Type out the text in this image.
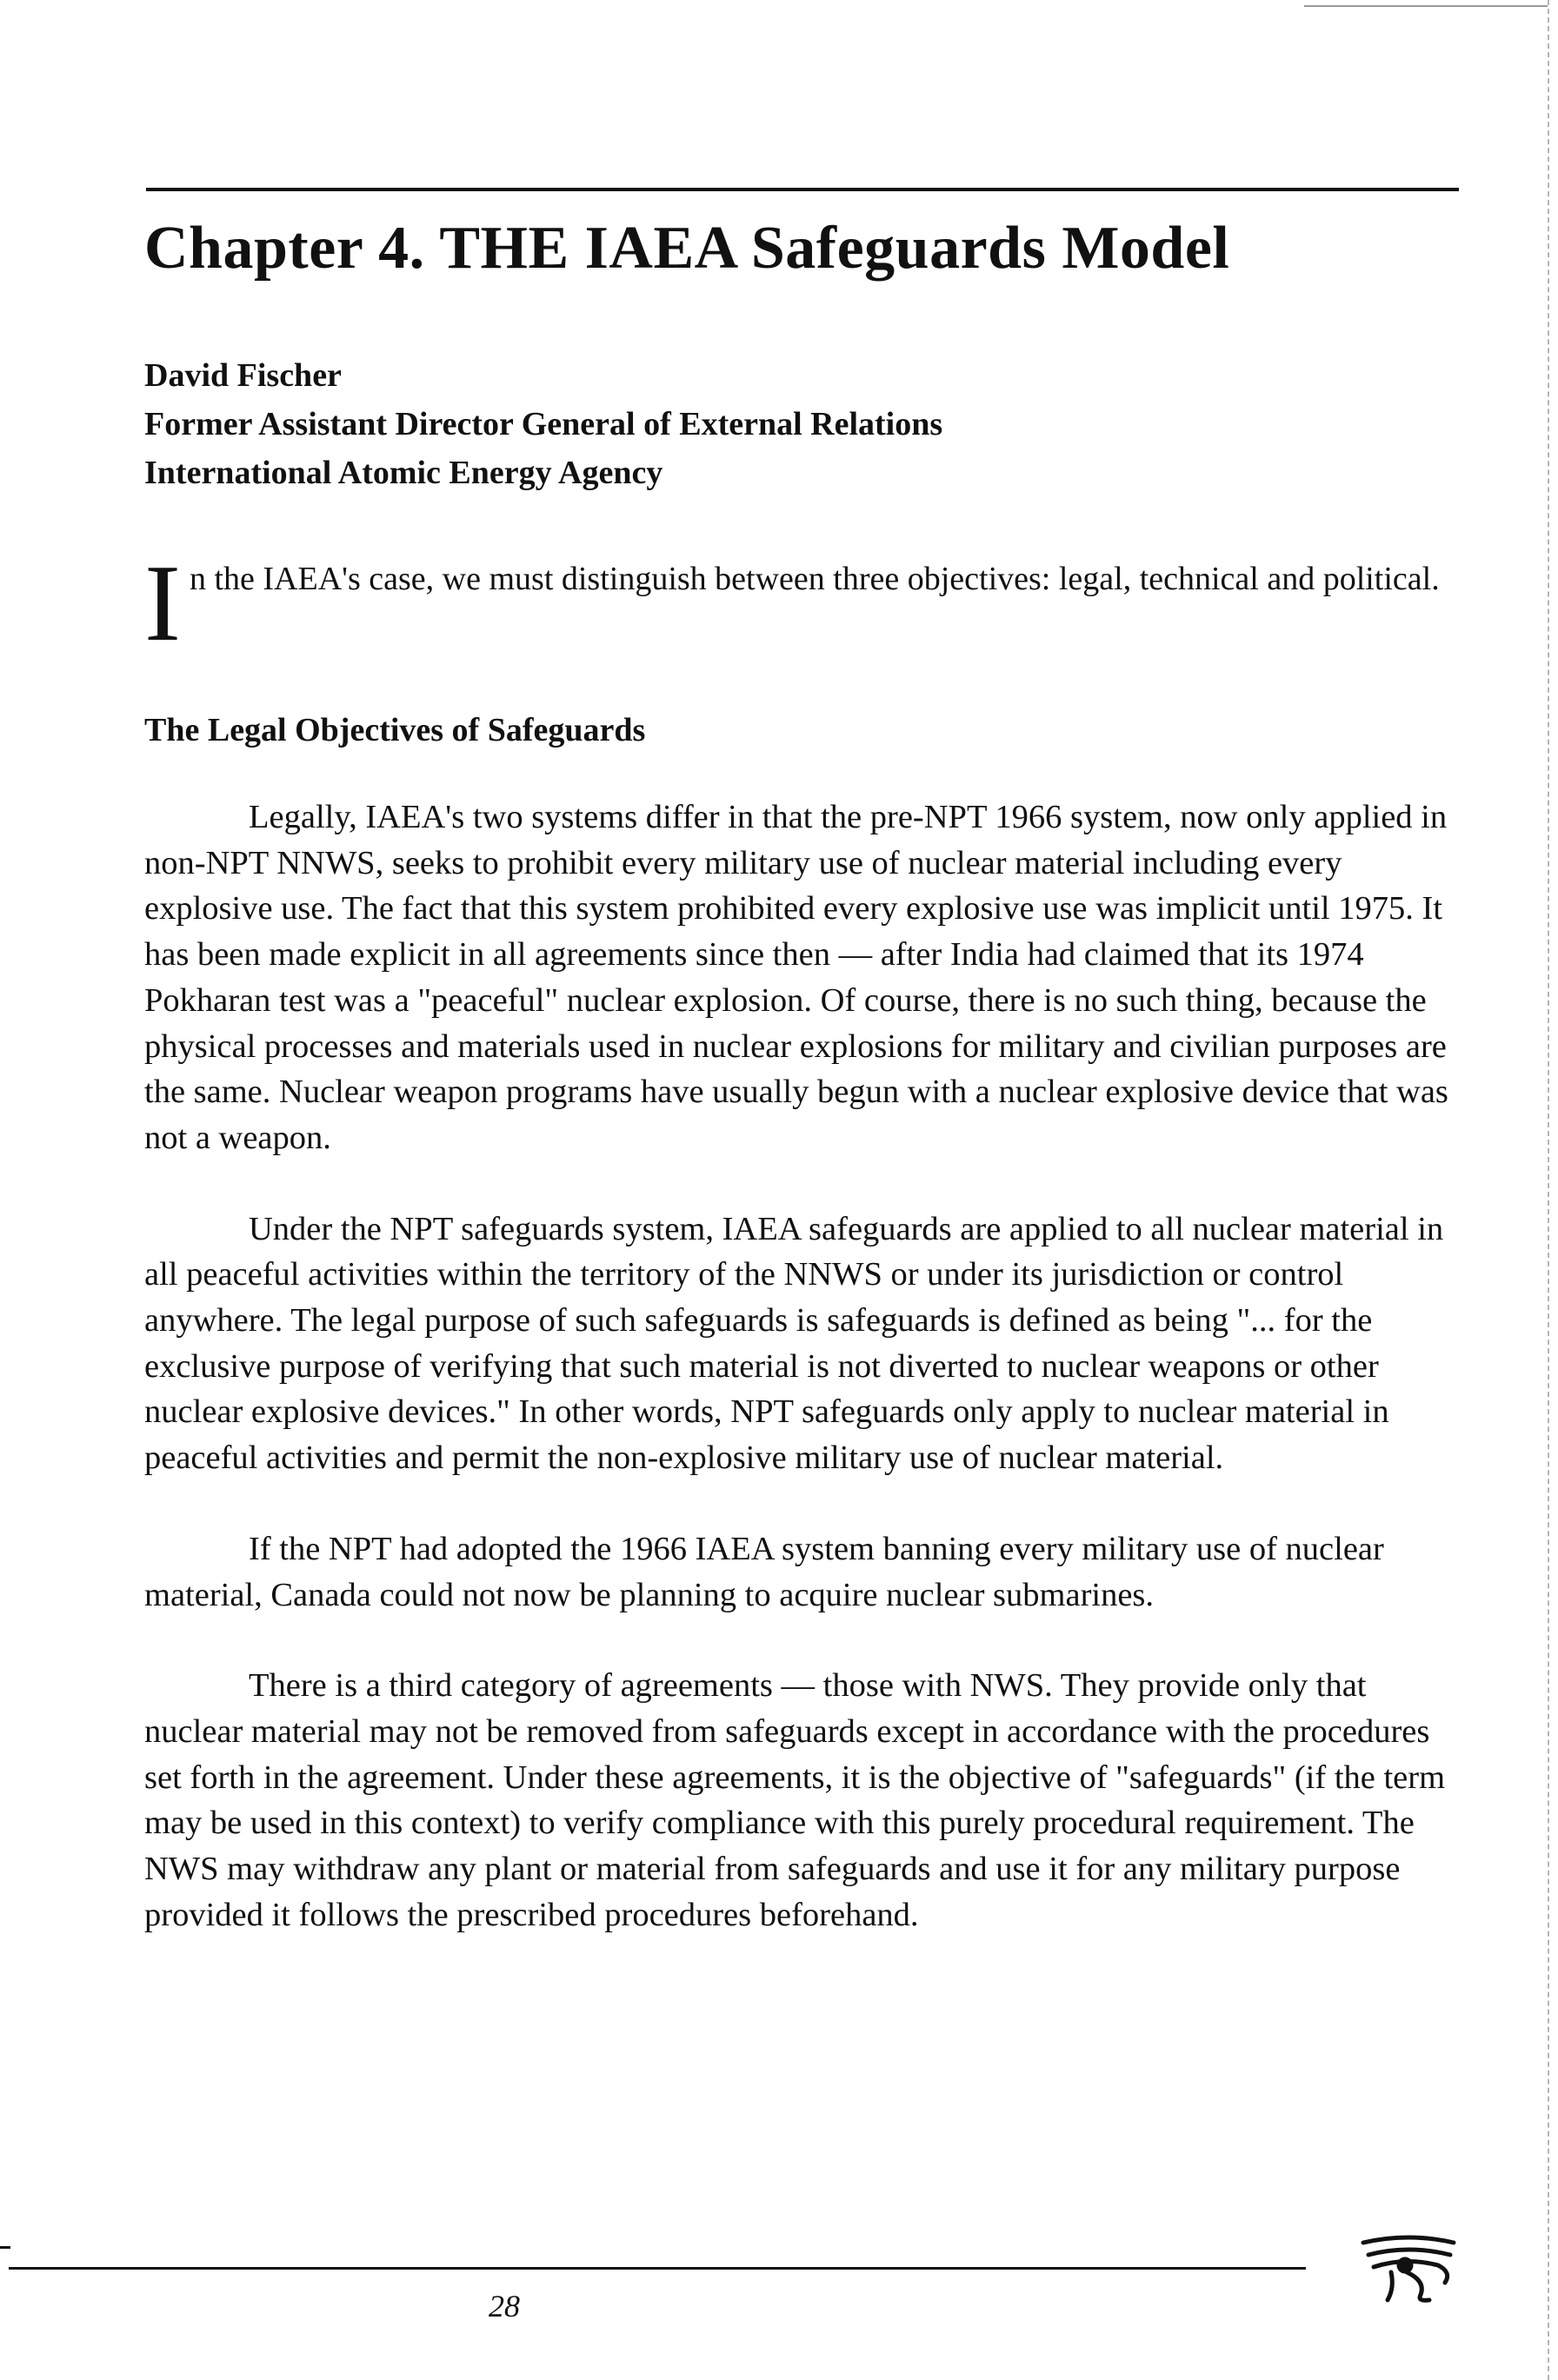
Chapter 4. THE IAEA Safeguards Model
David Fischer
Former Assistant Director General of External Relations
International Atomic Energy Agency

In the IAEA's case, we must distinguish between three objectives: legal, technical and political.

The Legal Objectives of Safeguards

Legally, IAEA's two systems differ in that the pre-NPT 1966 system, now only applied in non-NPT NNWS, seeks to prohibit every military use of nuclear material including every explosive use. The fact that this system prohibited every explosive use was implicit until 1975. It has been made explicit in all agreements since then — after India had claimed that its 1974 Pokharan test was a "peaceful" nuclear explosion. Of course, there is no such thing, because the physical processes and materials used in nuclear explosions for military and civilian purposes are the same. Nuclear weapon programs have usually begun with a nuclear explosive device that was not a weapon.

Under the NPT safeguards system, IAEA safeguards are applied to all nuclear material in all peaceful activities within the territory of the NNWS or under its jurisdiction or control anywhere. The legal purpose of such safeguards is safeguards is defined as being "... for the exclusive purpose of verifying that such material is not diverted to nuclear weapons or other nuclear explosive devices." In other words, NPT safeguards only apply to nuclear material in peaceful activities and permit the non-explosive military use of nuclear material.

If the NPT had adopted the 1966 IAEA system banning every military use of nuclear material, Canada could not now be planning to acquire nuclear submarines.

There is a third category of agreements — those with NWS. They provide only that nuclear material may not be removed from safeguards except in accordance with the procedures set forth in the agreement. Under these agreements, it is the objective of "safeguards" (if the term may be used in this context) to verify compliance with this purely procedural requirement. The NWS may withdraw any plant or material from safeguards and use it for any military purpose provided it follows the prescribed procedures beforehand.

28
